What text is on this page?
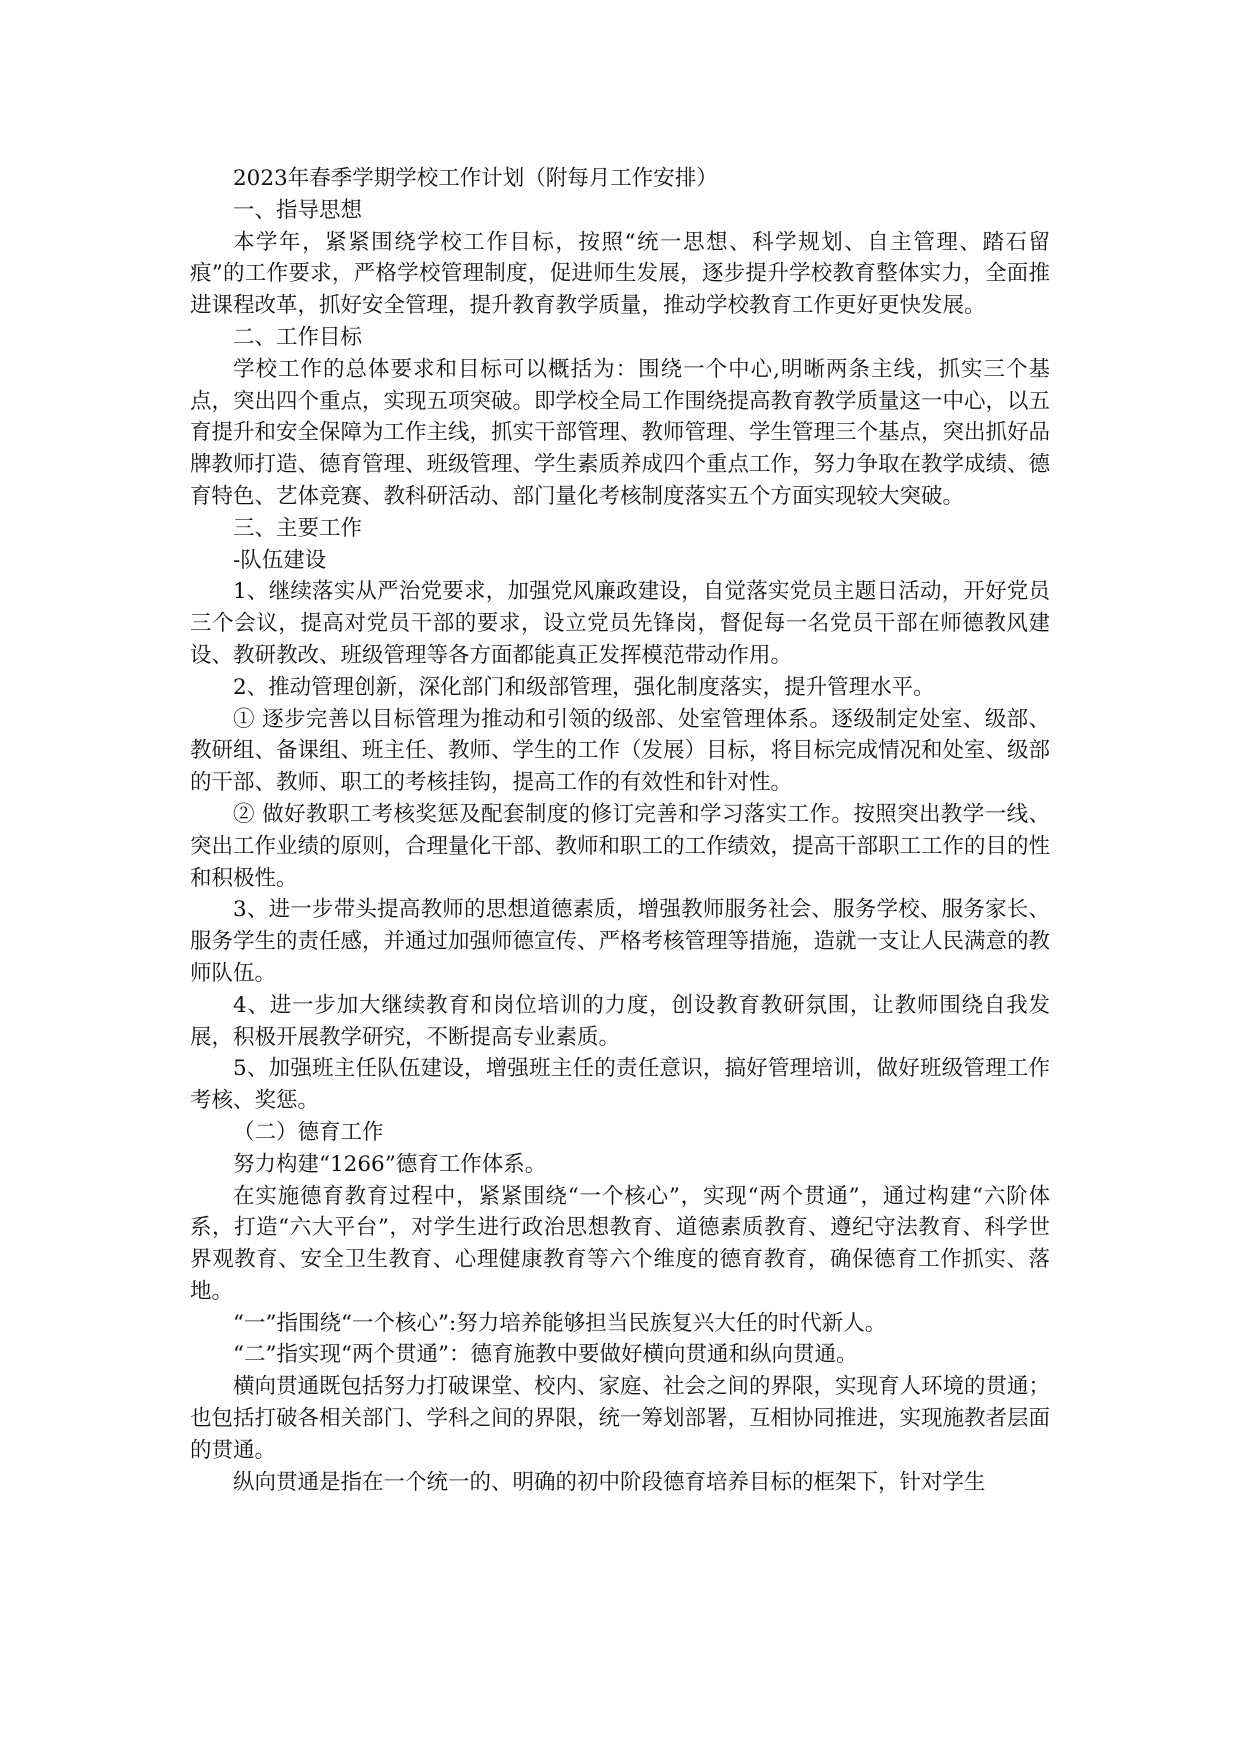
2023年春季学期学校工作计划（附每月工作安排）

一、指导思想

本学年，紧紧围绕学校工作目标，按照“统一思想、科学规划、自主管理、踏石留痕”的工作要求，严格学校管理制度，促进师生发展，逐步提升学校教育整体实力，全面推进课程改革，抓好安全管理，提升教育教学质量，推动学校教育工作更好更快发展。

二、工作目标

学校工作的总体要求和目标可以概括为：围绕一个中心,明晰两条主线，抓实三个基点，突出四个重点，实现五项突破。即学校全局工作围绕提高教育教学质量这一中心，以五育提升和安全保障为工作主线，抓实干部管理、教师管理、学生管理三个基点，突出抓好品牌教师打造、德育管理、班级管理、学生素质养成四个重点工作，努力争取在教学成绩、德育特色、艺体竞赛、教科研活动、部门量化考核制度落实五个方面实现较大突破。

三、主要工作

-队伍建设

1、继续落实从严治党要求，加强党风廉政建设，自觉落实党员主题日活动，开好党员三个会议，提高对党员干部的要求，设立党员先锋岗，督促每一名党员干部在师德教风建设、教研教改、班级管理等各方面都能真正发挥模范带动作用。

2、推动管理创新，深化部门和级部管理，强化制度落实，提升管理水平。

① 逐步完善以目标管理为推动和引领的级部、处室管理体系。逐级制定处室、级部、教研组、备课组、班主任、教师、学生的工作（发展）目标，将目标完成情况和处室、级部的干部、教师、职工的考核挂钩，提高工作的有效性和针对性。

② 做好教职工考核奖惩及配套制度的修订完善和学习落实工作。按照突出教学一线、突出工作业绩的原则，合理量化干部、教师和职工的工作绩效，提高干部职工工作的目的性和积极性。

3、进一步带头提高教师的思想道德素质，增强教师服务社会、服务学校、服务家长、服务学生的责任感，并通过加强师德宣传、严格考核管理等措施，造就一支让人民满意的教师队伍。

4、进一步加大继续教育和岗位培训的力度，创设教育教研氛围，让教师围绕自我发展，积极开展教学研究，不断提高专业素质。

5、加强班主任队伍建设，增强班主任的责任意识，搞好管理培训，做好班级管理工作考核、奖惩。

（二）德育工作

努力构建“1266”德育工作体系。

在实施德育教育过程中，紧紧围绕“一个核心”，实现“两个贯通”，通过构建“六阶体系，打造“六大平台”，对学生进行政治思想教育、道德素质教育、遵纪守法教育、科学世界观教育、安全卫生教育、心理健康教育等六个维度的德育教育，确保德育工作抓实、落地。

“一”指围绕“一个核心”:努力培养能够担当民族复兴大任的时代新人。

“二”指实现“两个贯通”：德育施教中要做好横向贯通和纵向贯通。

横向贯通既包括努力打破课堂、校内、家庭、社会之间的界限，实现育人环境的贯通；也包括打破各相关部门、学科之间的界限，统一筹划部署，互相协同推进，实现施教者层面的贯通。

纵向贯通是指在一个统一的、明确的初中阶段德育培养目标的框架下，针对学生
